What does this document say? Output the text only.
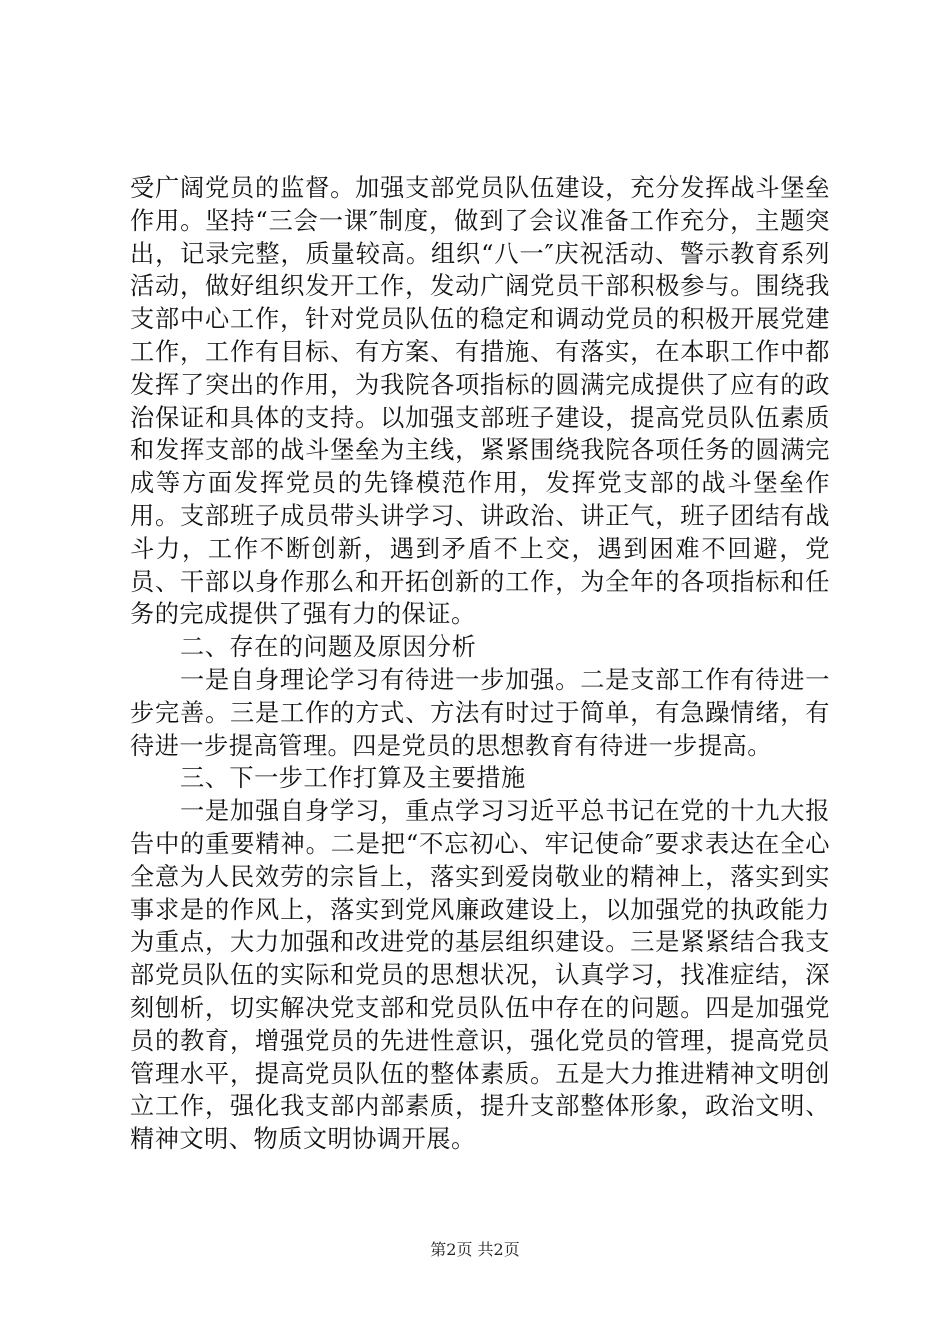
受广阔党员的监督。加强支部党员队伍建设，充分发挥战斗堡垒作用。坚持“三会一课″制度，做到了会议准备工作充分，主题突出，记录完整，质量较高。组织“八一″庆祝活动、警示教育系列活动，做好组织发开工作，发动广阔党员干部积极参与。围绕我支部中心工作，针对党员队伍的稳定和调动党员的积极开展党建工作，工作有目标、有方案、有措施、有落实，在本职工作中都发挥了突出的作用，为我院各项指标的圆满完成提供了应有的政治保证和具体的支持。以加强支部班子建设，提高党员队伍素质和发挥支部的战斗堡垒为主线，紧紧围绕我院各项任务的圆满完成等方面发挥党员的先锋模范作用，发挥党支部的战斗堡垒作用。支部班子成员带头讲学习、讲政治、讲正气，班子团结有战斗力，工作不断创新，遇到矛盾不上交，遇到困难不回避，党员、干部以身作那么和开拓创新的工作，为全年的各项指标和任务的完成提供了强有力的保证。

二、存在的问题及原因分析

一是自身理论学习有待进一步加强。二是支部工作有待进一步完善。三是工作的方式、方法有时过于简单，有急躁情绪，有待进一步提高管理。四是党员的思想教育有待进一步提高。

三、下一步工作打算及主要措施

一是加强自身学习，重点学习习近平总书记在党的十九大报告中的重要精神。二是把“不忘初心、牢记使命″要求表达在全心全意为人民效劳的宗旨上，落实到爱岗敬业的精神上，落实到实事求是的作风上，落实到党风廉政建设上，以加强党的执政能力为重点，大力加强和改进党的基层组织建设。三是紧紧结合我支部党员队伍的实际和党员的思想状况，认真学习，找准症结，深刻刨析，切实解决党支部和党员队伍中存在的问题。四是加强党员的教育，增强党员的先进性意识，强化党员的管理，提高党员管理水平，提高党员队伍的整体素质。五是大力推进精神文明创立工作，强化我支部内部素质，提升支部整体形象，政治文明、精神文明、物质文明协调开展。

第2页 共2页
